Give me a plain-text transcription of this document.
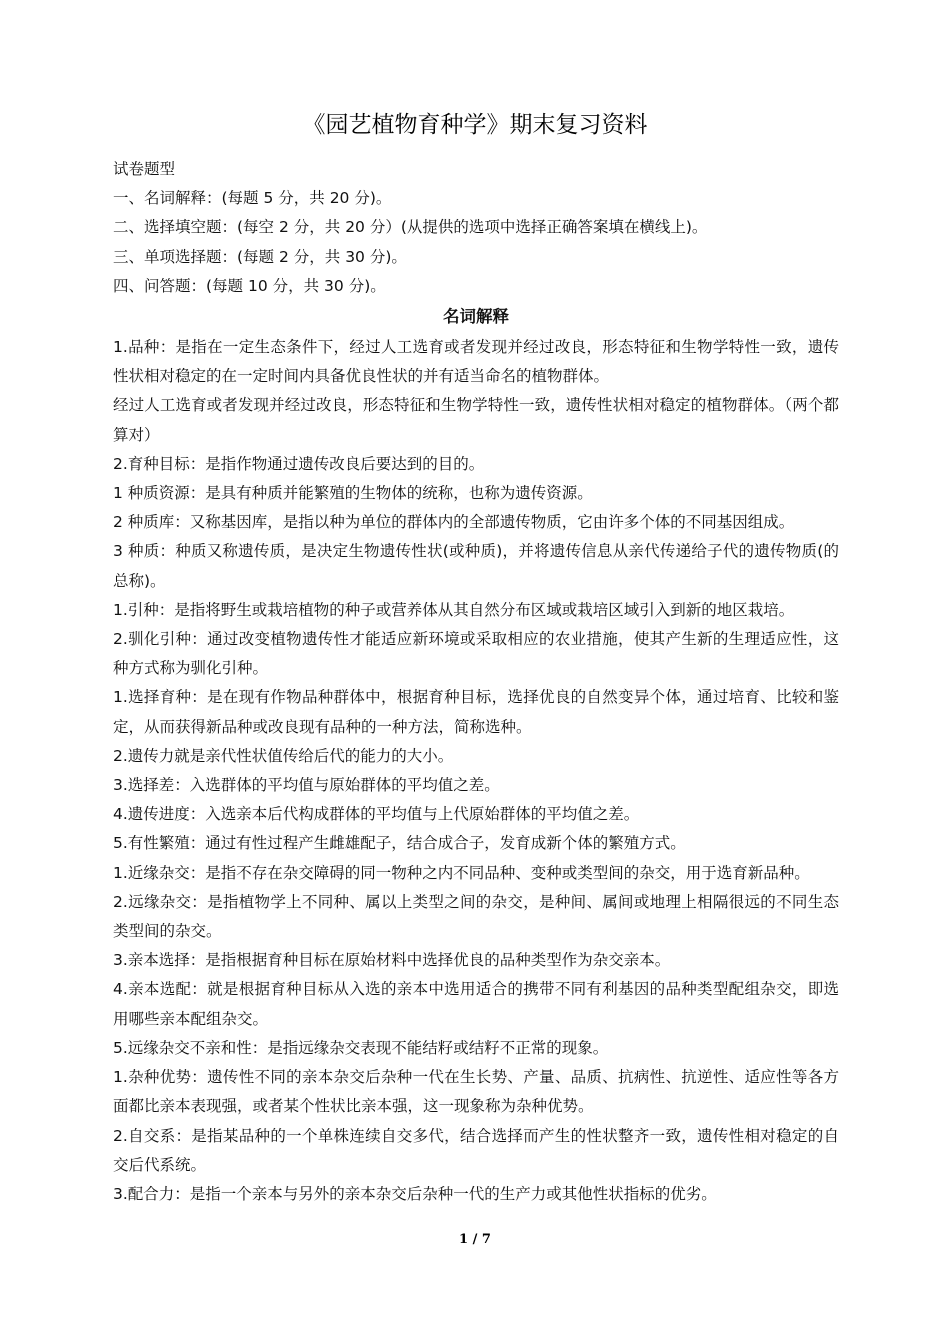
《园艺植物育种学》期末复习资料

试卷题型

一、名词解释：(每题 5 分，共 20 分)。

二、选择填空题：(每空 2 分，共 20 分）(从提供的选项中选择正确答案填在横线上)。

三、单项选择题：(每题 2 分，共 30 分)。

四、问答题：(每题 10 分，共 30 分)。

名词解释

1.品种：是指在一定生态条件下，经过人工选育或者发现并经过改良，形态特征和生物学特性一致，遗传性状相对稳定的在一定时间内具备优良性状的并有适当命名的植物群体。

经过人工选育或者发现并经过改良，形态特征和生物学特性一致，遗传性状相对稳定的植物群体。（两个都算对）

2.育种目标：是指作物通过遗传改良后要达到的目的。

1 种质资源：是具有种质并能繁殖的生物体的统称，也称为遗传资源。

2 种质库：又称基因库，是指以种为单位的群体内的全部遗传物质，它由许多个体的不同基因组成。

3 种质：种质又称遗传质，是决定生物遗传性状(或种质)，并将遗传信息从亲代传递给子代的遗传物质(的总称)。

1.引种：是指将野生或栽培植物的种子或营养体从其自然分布区域或栽培区域引入到新的地区栽培。

2.驯化引种：通过改变植物遗传性才能适应新环境或采取相应的农业措施，使其产生新的生理适应性，这种方式称为驯化引种。

1.选择育种：是在现有作物品种群体中，根据育种目标，选择优良的自然变异个体，通过培育、比较和鉴定，从而获得新品种或改良现有品种的一种方法，简称选种。

2.遗传力就是亲代性状值传给后代的能力的大小。

3.选择差：入选群体的平均值与原始群体的平均值之差。

4.遗传进度：入选亲本后代构成群体的平均值与上代原始群体的平均值之差。

5.有性繁殖：通过有性过程产生雌雄配子，结合成合子，发育成新个体的繁殖方式。

1.近缘杂交：是指不存在杂交障碍的同一物种之内不同品种、变种或类型间的杂交，用于选育新品种。

2.远缘杂交：是指植物学上不同种、属以上类型之间的杂交，是种间、属间或地理上相隔很远的不同生态类型间的杂交。

3.亲本选择：是指根据育种目标在原始材料中选择优良的品种类型作为杂交亲本。

4.亲本选配：就是根据育种目标从入选的亲本中选用适合的携带不同有利基因的品种类型配组杂交，即选用哪些亲本配组杂交。

5.远缘杂交不亲和性：是指远缘杂交表现不能结籽或结籽不正常的现象。

1.杂种优势：遗传性不同的亲本杂交后杂种一代在生长势、产量、品质、抗病性、抗逆性、适应性等各方面都比亲本表现强，或者某个性状比亲本强，这一现象称为杂种优势。

2.自交系：是指某品种的一个单株连续自交多代，结合选择而产生的性状整齐一致，遗传性相对稳定的自交后代系统。

3.配合力：是指一个亲本与另外的亲本杂交后杂种一代的生产力或其他性状指标的优劣。

1 / 7
